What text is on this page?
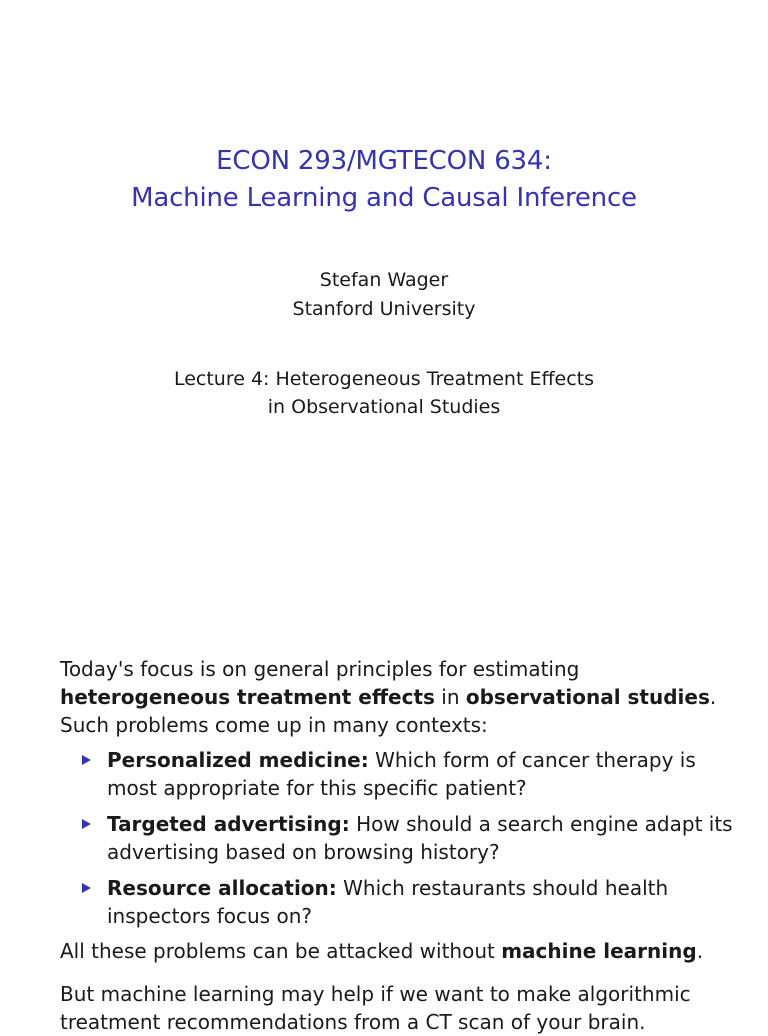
ECON 293/MGTECON 634:
Machine Learning and Causal Inference
Stefan Wager
Stanford University
Lecture 4: Heterogeneous Treatment Effects
in Observational Studies

Today's focus is on general principles for estimating
heterogeneous treatment effects in observational studies.
Such problems come up in many contexts:

Personalized medicine: Which form of cancer therapy is most appropriate for this specific patient?
Targeted advertising: How should a search engine adapt its advertising based on browsing history?
Resource allocation: Which restaurants should health inspectors focus on?

All these problems can be attacked without machine learning.

But machine learning may help if we want to make algorithmic treatment recommendations from a CT scan of your brain.
